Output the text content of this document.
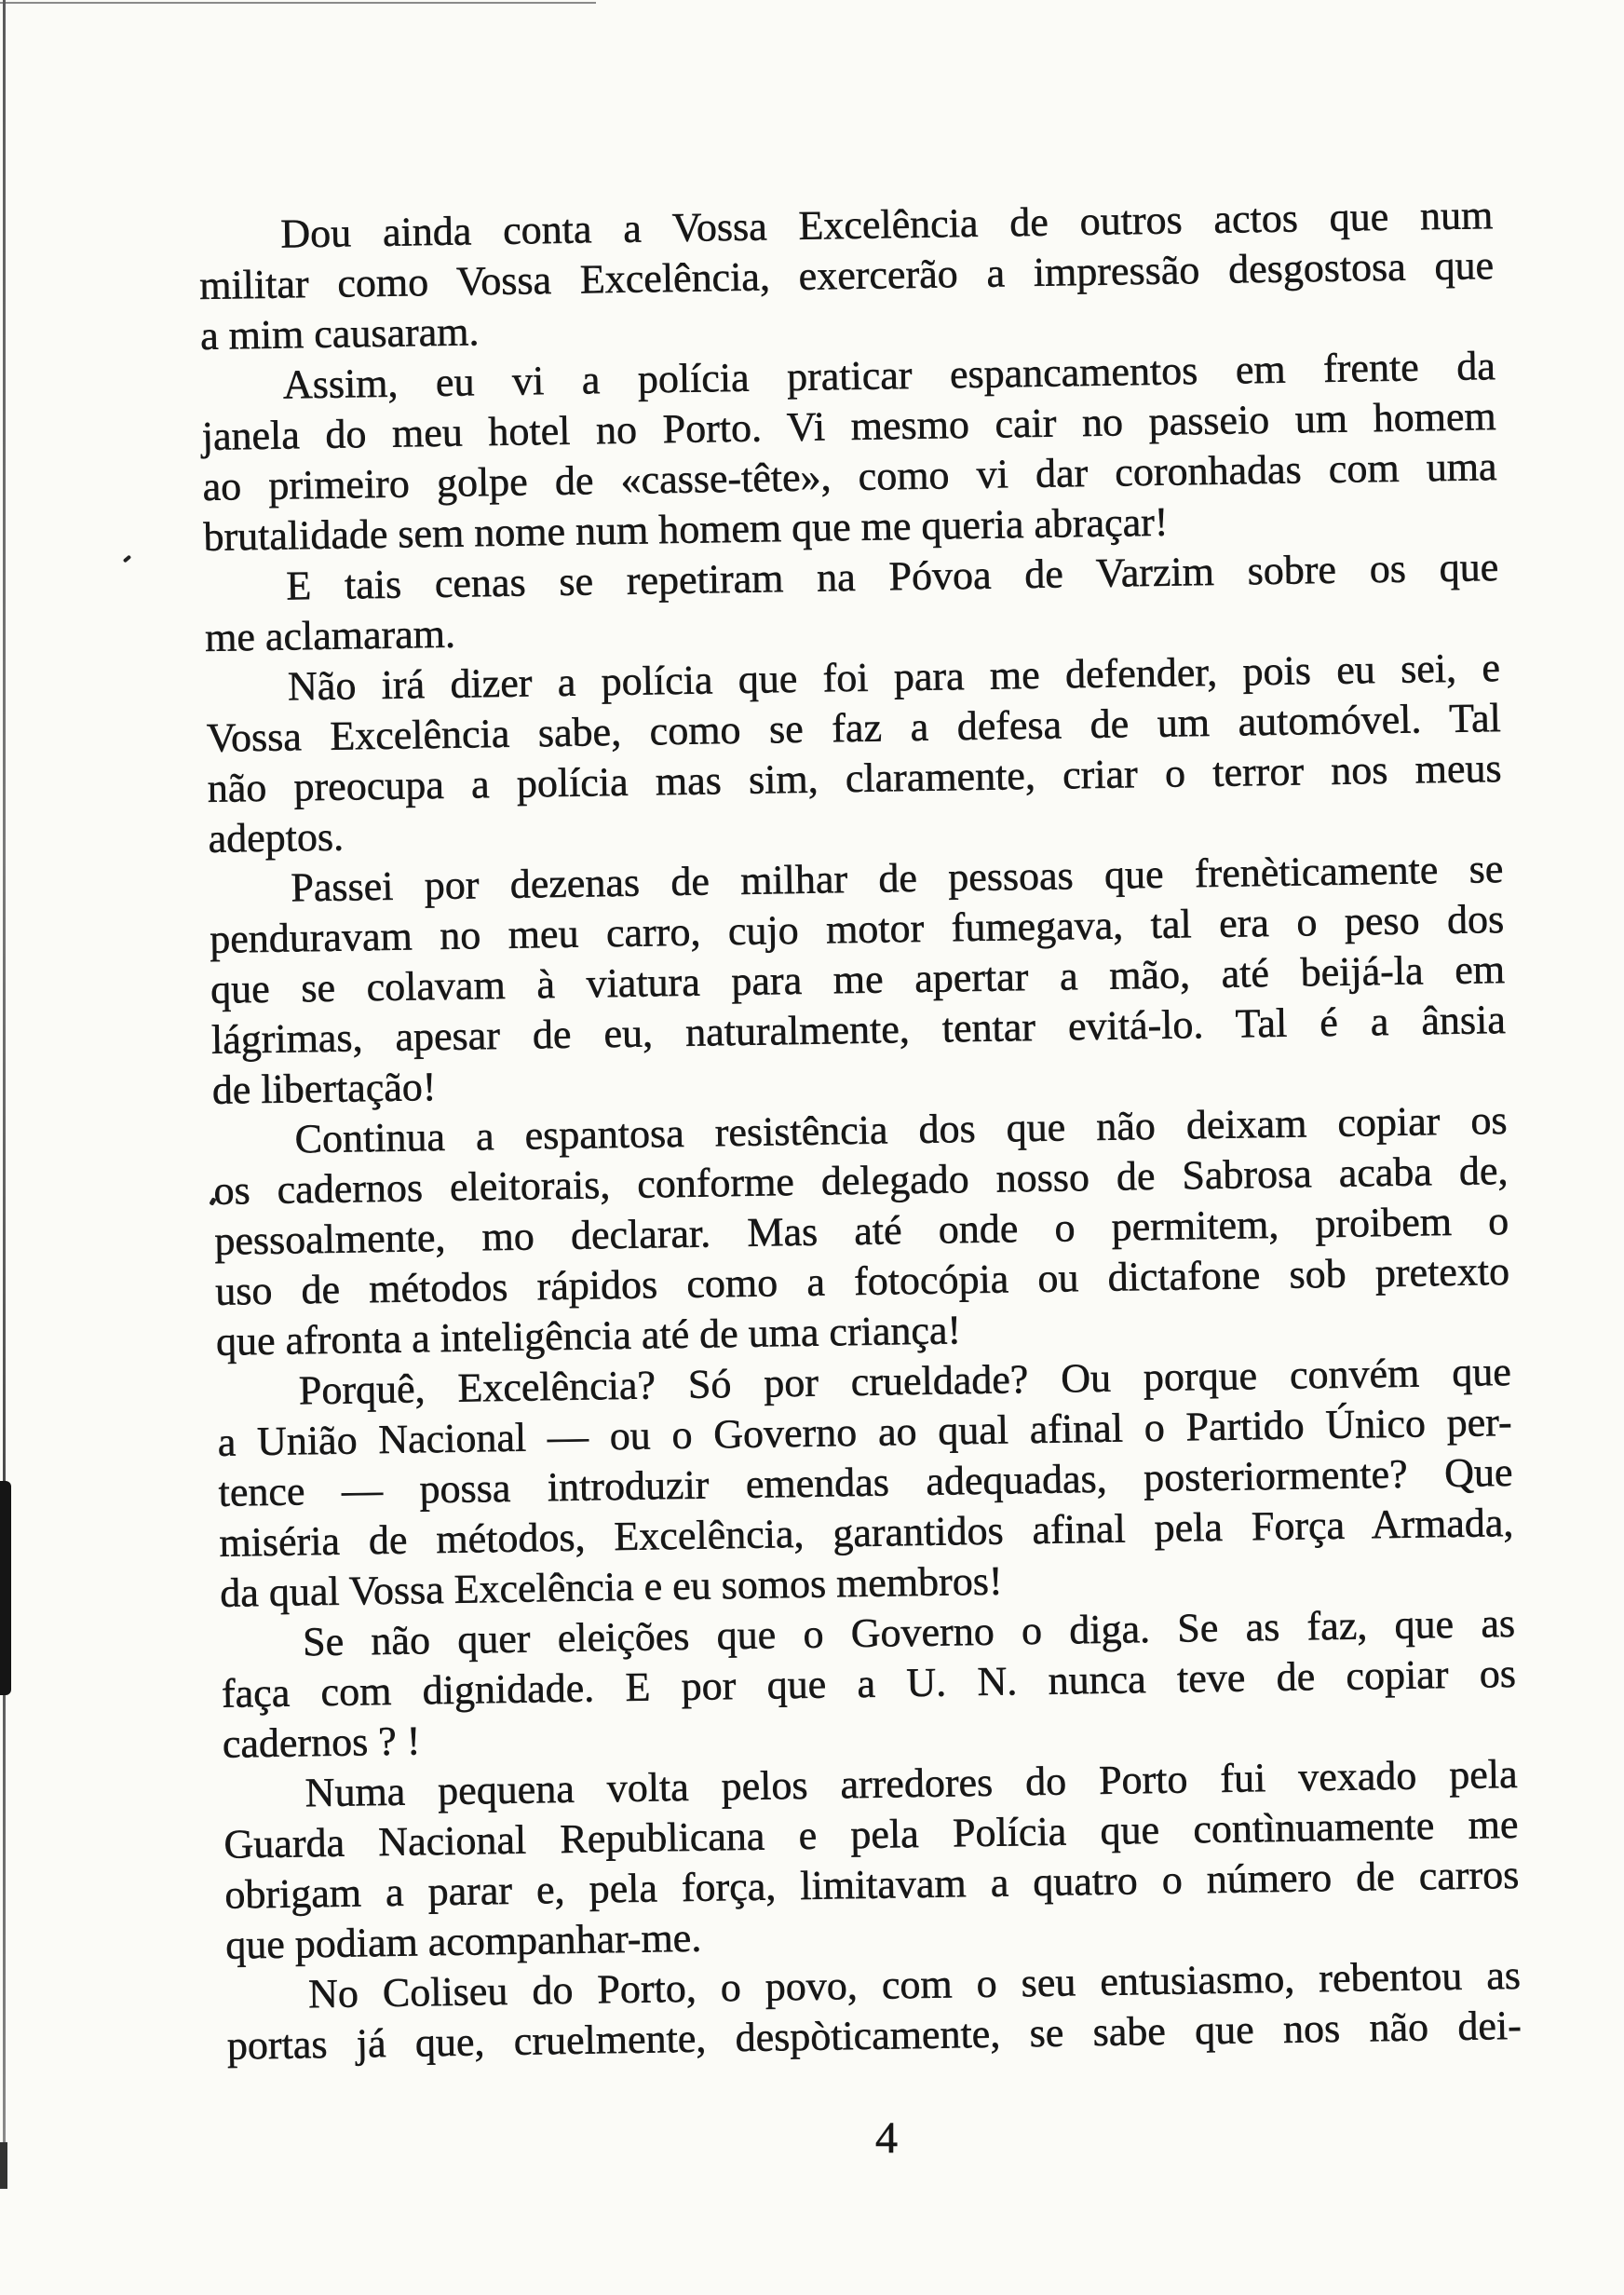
Dou ainda conta a Vossa Excelência de outros actos que num
militar como Vossa Excelência, exercerão a impressão desgostosa que
a mim causaram.
Assim, eu vi a polícia praticar espancamentos em frente da
janela do meu hotel no Porto. Vi mesmo cair no passeio um homem
ao primeiro golpe de «casse-tête», como vi dar coronhadas com uma
brutalidade sem nome num homem que me queria abraçar!
E tais cenas se repetiram na Póvoa de Varzim sobre os que
me aclamaram.
Não irá dizer a polícia que foi para me defender, pois eu sei, e
Vossa Excelência sabe, como se faz a defesa de um automóvel. Tal
não preocupa a polícia mas sim, claramente, criar o terror nos meus
adeptos.
Passei por dezenas de milhar de pessoas que frenèticamente se
penduravam no meu carro, cujo motor fumegava, tal era o peso dos
que se colavam à viatura para me apertar a mão, até beijá-la em
lágrimas, apesar de eu, naturalmente, tentar evitá-lo. Tal é a ânsia
de libertação!
Continua a espantosa resistência dos que não deixam copiar os
os cadernos eleitorais, conforme delegado nosso de Sabrosa acaba de,
pessoalmente, mo declarar. Mas até onde o permitem, proibem o
uso de métodos rápidos como a fotocópia ou dictafone sob pretexto
que afronta a inteligência até de uma criança!
Porquê, Excelência? Só por crueldade? Ou porque convém que
a União Nacional — ou o Governo ao qual afinal o Partido Único per-
tence — possa introduzir emendas adequadas, posteriormente? Que
miséria de métodos, Excelência, garantidos afinal pela Força Armada,
da qual Vossa Excelência e eu somos membros!
Se não quer eleições que o Governo o diga. Se as faz, que as
faça com dignidade. E por que a U. N. nunca teve de copiar os
cadernos ? !
Numa pequena volta pelos arredores do Porto fui vexado pela
Guarda Nacional Republicana e pela Polícia que contìnuamente me
obrigam a parar e, pela força, limitavam a quatro o número de carros
que podiam acompanhar-me.
No Coliseu do Porto, o povo, com o seu entusiasmo, rebentou as
portas já que, cruelmente, despòticamente, se sabe que nos não dei-
4
